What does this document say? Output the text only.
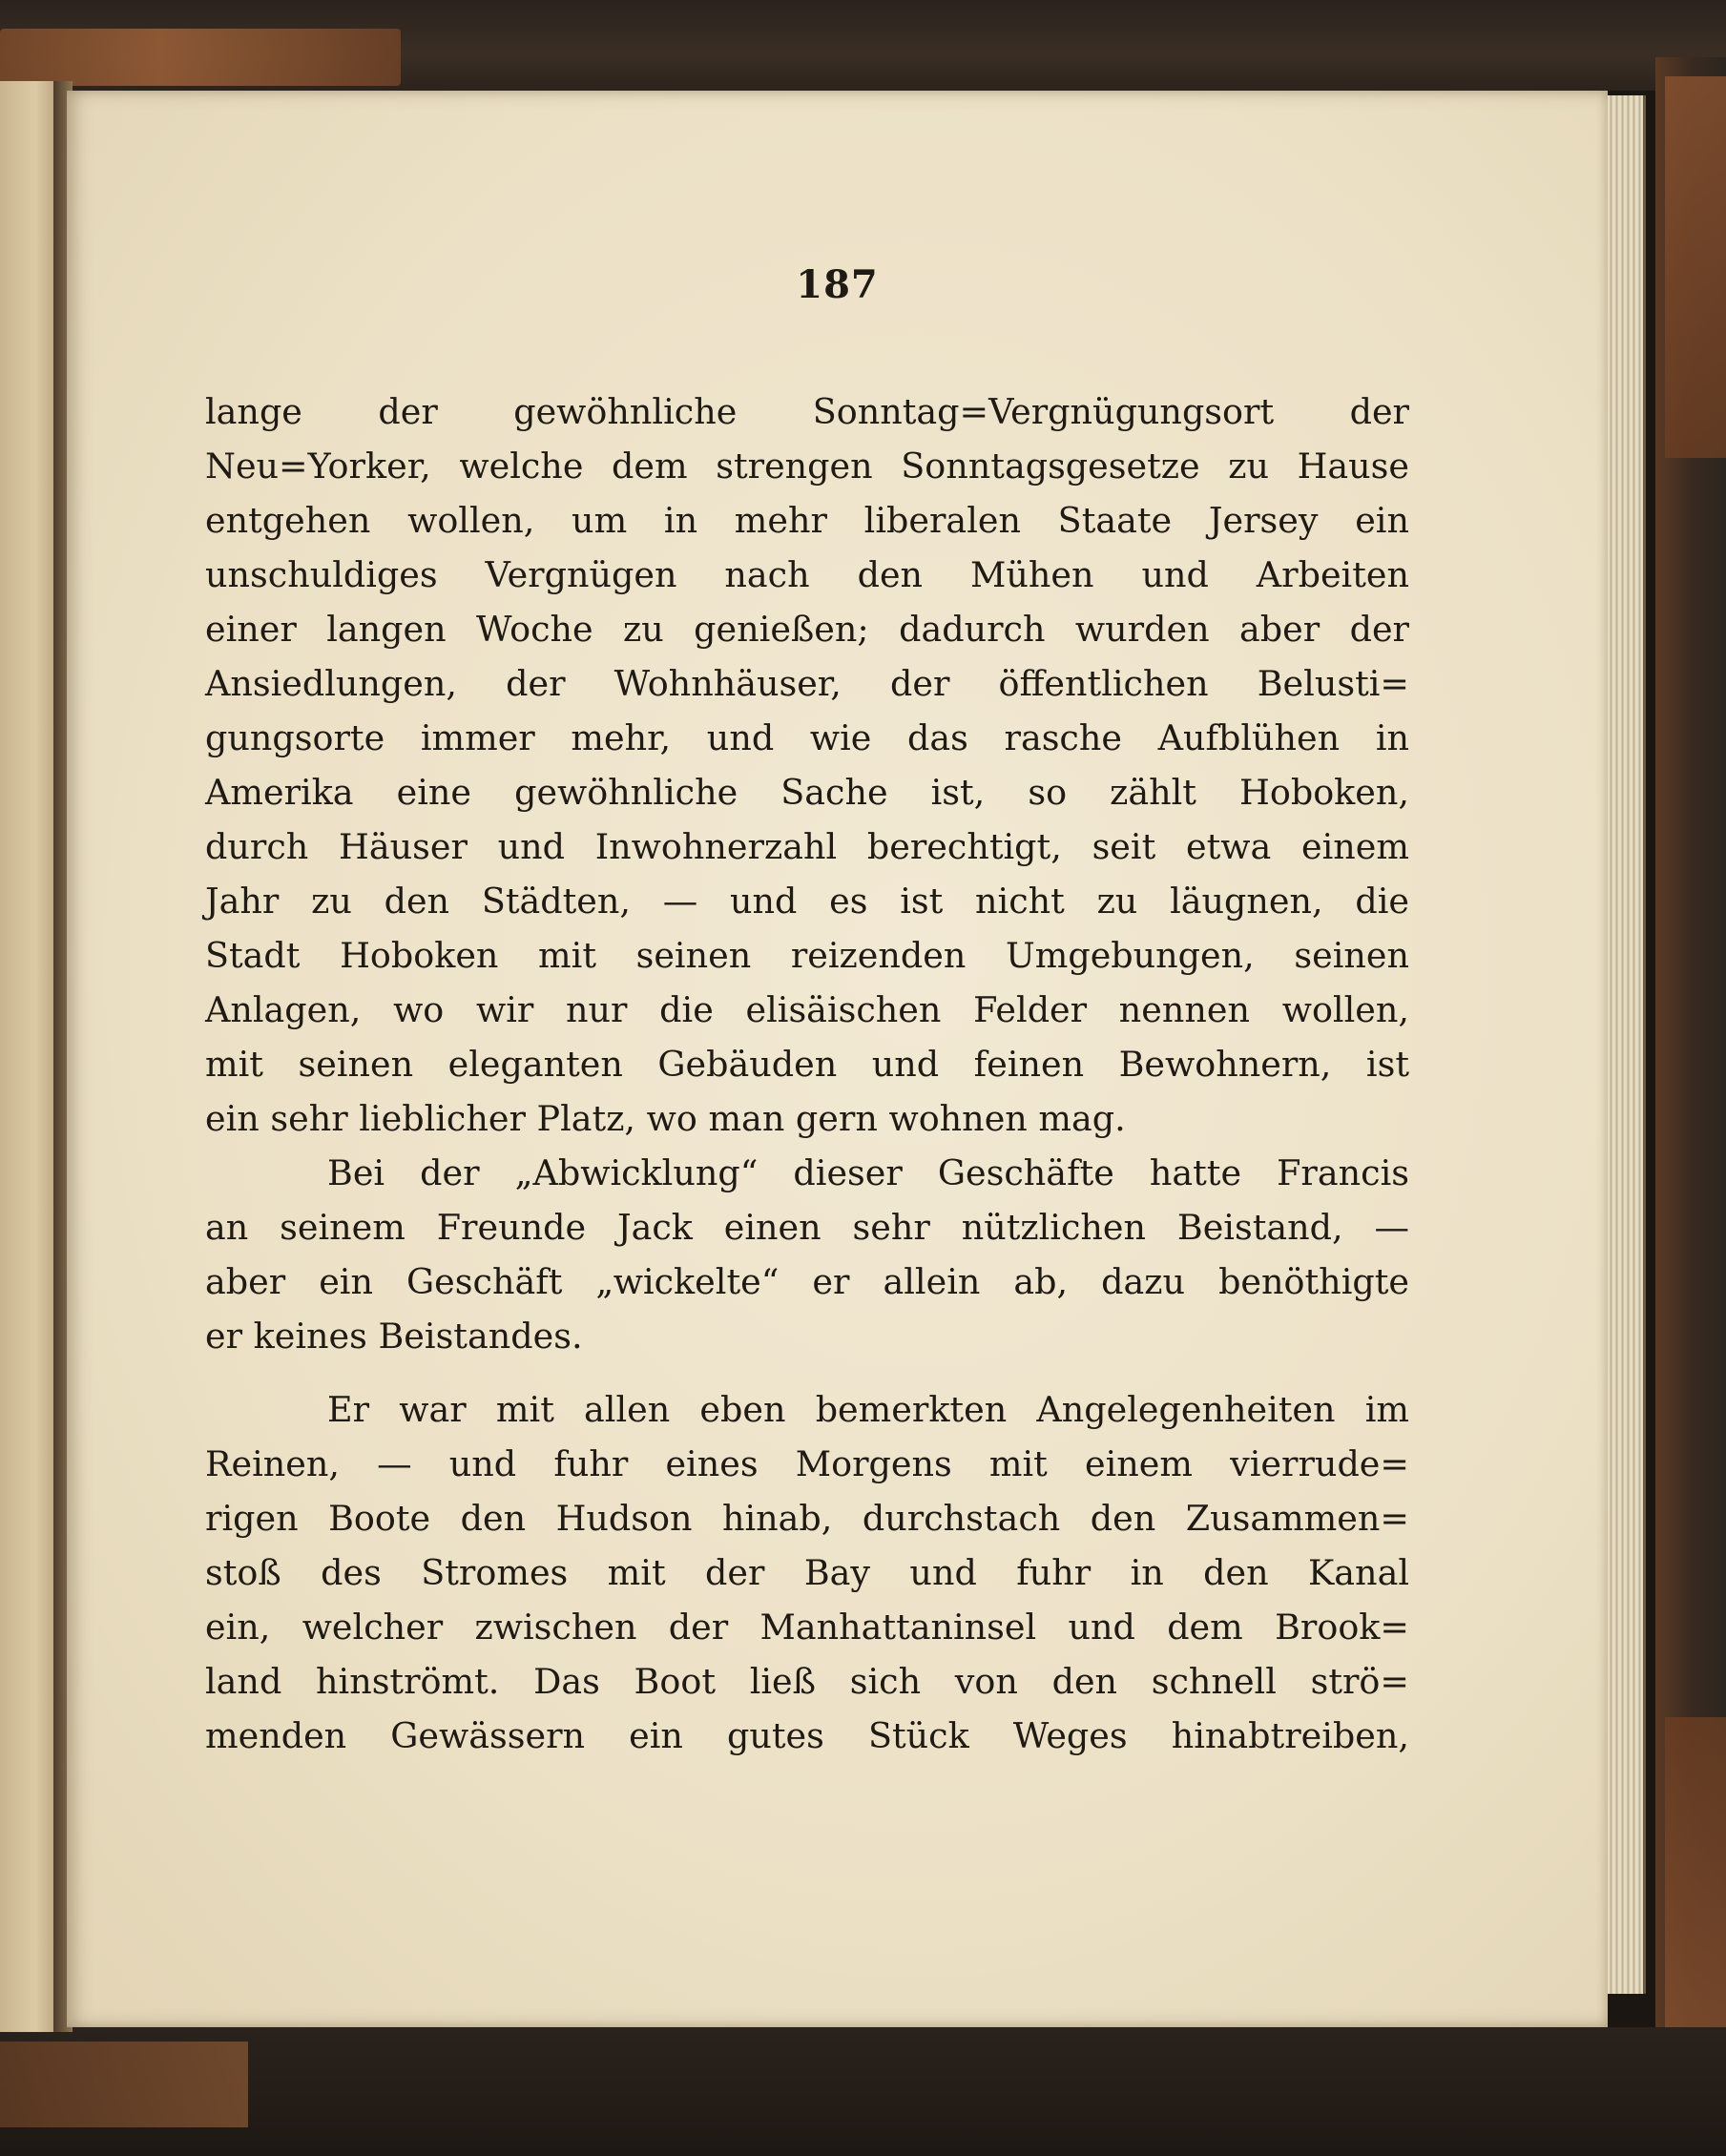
187
lange der gewöhnliche Sonntag=Vergnügungsort der
Neu=Yorker, welche dem strengen Sonntagsgesetze zu Hause
entgehen wollen, um in mehr liberalen Staate Jersey ein
unschuldiges Vergnügen nach den Mühen und Arbeiten
einer langen Woche zu genießen; dadurch wurden aber der
Ansiedlungen, der Wohnhäuser, der öffentlichen Belusti=
gungsorte immer mehr, und wie das rasche Aufblühen in
Amerika eine gewöhnliche Sache ist, so zählt Hoboken,
durch Häuser und Inwohnerzahl berechtigt, seit etwa einem
Jahr zu den Städten, — und es ist nicht zu läugnen, die
Stadt Hoboken mit seinen reizenden Umgebungen, seinen
Anlagen, wo wir nur die elisäischen Felder nennen wollen,
mit seinen eleganten Gebäuden und feinen Bewohnern, ist
ein sehr lieblicher Platz, wo man gern wohnen mag.
Bei der „Abwicklung“ dieser Geschäfte hatte Francis
an seinem Freunde Jack einen sehr nützlichen Beistand, —
aber ein Geschäft „wickelte“ er allein ab, dazu benöthigte
er keines Beistandes.
Er war mit allen eben bemerkten Angelegenheiten im
Reinen, — und fuhr eines Morgens mit einem vierrude=
rigen Boote den Hudson hinab, durchstach den Zusammen=
stoß des Stromes mit der Bay und fuhr in den Kanal
ein, welcher zwischen der Manhattaninsel und dem Brook=
land hinströmt. Das Boot ließ sich von den schnell strö=
menden Gewässern ein gutes Stück Weges hinabtreiben,
